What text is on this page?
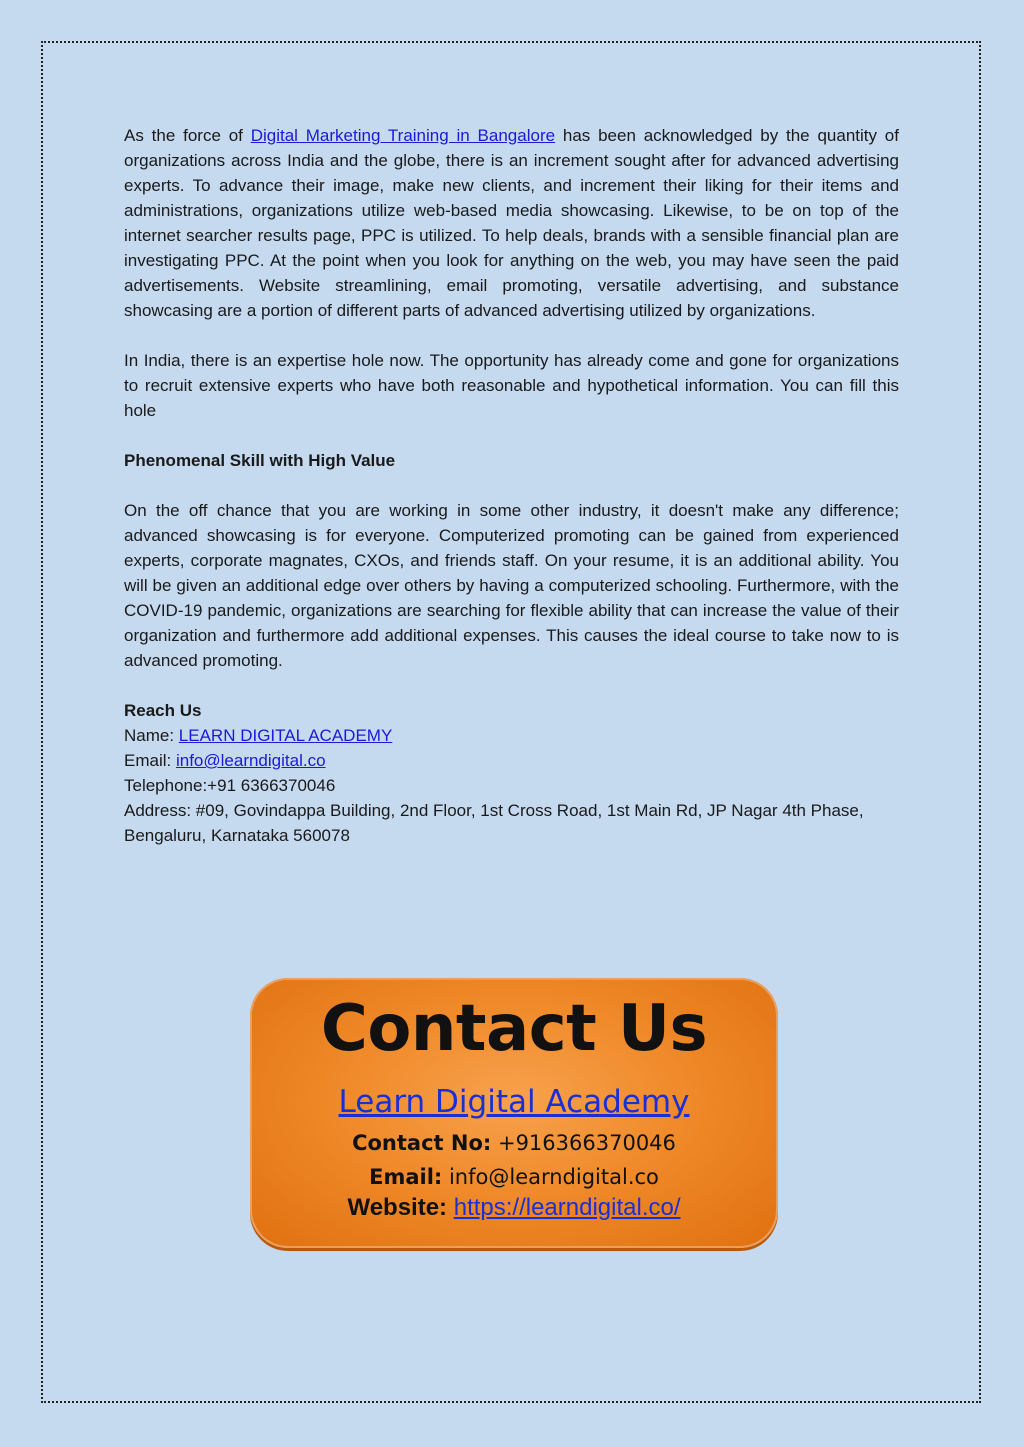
As the force of Digital Marketing Training in Bangalore has been acknowledged by the quantity of organizations across India and the globe, there is an increment sought after for advanced advertising experts. To advance their image, make new clients, and increment their liking for their items and administrations, organizations utilize web-based media showcasing. Likewise, to be on top of the internet searcher results page, PPC is utilized. To help deals, brands with a sensible financial plan are investigating PPC. At the point when you look for anything on the web, you may have seen the paid advertisements. Website streamlining, email promoting, versatile advertising, and substance showcasing are a portion of different parts of advanced advertising utilized by organizations.

In India, there is an expertise hole now. The opportunity has already come and gone for organizations to recruit extensive experts who have both reasonable and hypothetical information. You can fill this hole

Phenomenal Skill with High Value

On the off chance that you are working in some other industry, it doesn't make any difference; advanced showcasing is for everyone. Computerized promoting can be gained from experienced experts, corporate magnates, CXOs, and friends staff. On your resume, it is an additional ability. You will be given an additional edge over others by having a computerized schooling. Furthermore, with the COVID-19 pandemic, organizations are searching for flexible ability that can increase the value of their organization and furthermore add additional expenses. This causes the ideal course to take now to is advanced promoting.

Reach Us
Name: LEARN DIGITAL ACADEMY
Email: info@learndigital.co
Telephone:+91 6366370046
Address: #09, Govindappa Building, 2nd Floor, 1st Cross Road, 1st Main Rd, JP Nagar 4th Phase, Bengaluru, Karnataka 560078
Contact Us
Learn Digital Academy
Contact No: +916366370046
Email: info@learndigital.co
Website: https://learndigital.co/
